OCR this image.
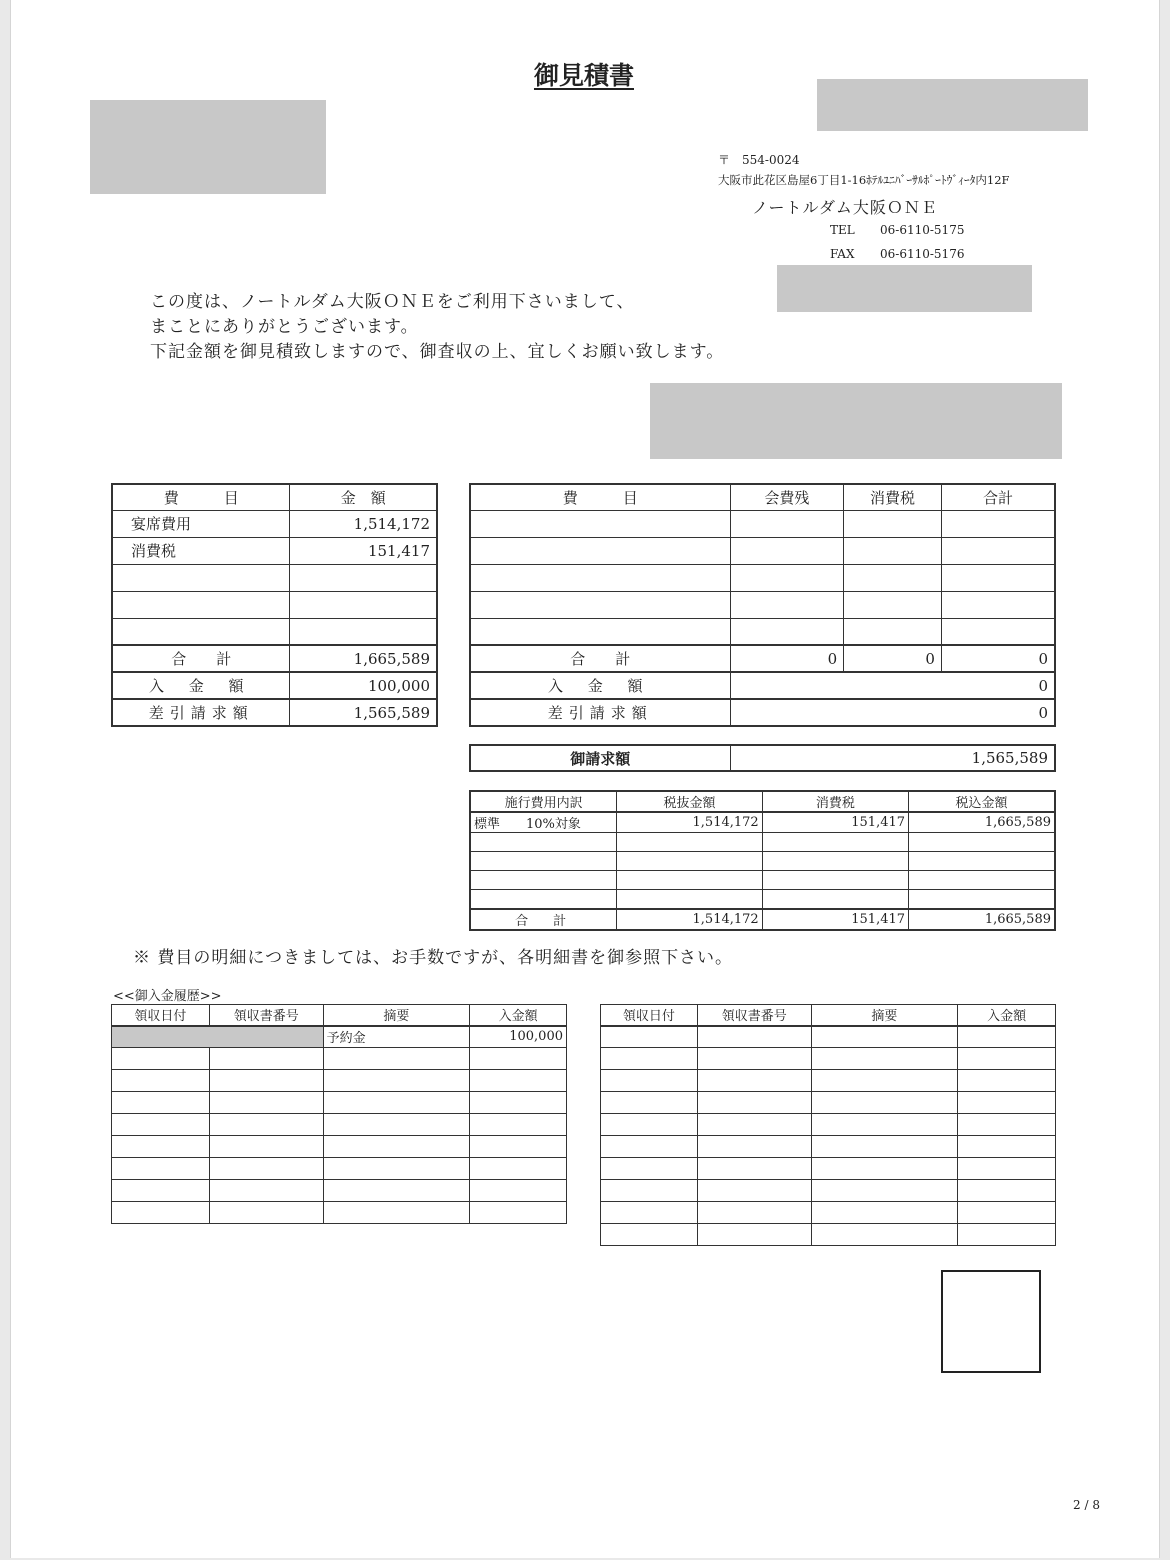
御見積書
〒　554-0024
大阪市此花区島屋6丁目1-16ﾎﾃﾙﾕﾆﾊﾞｰｻﾙﾎﾟｰﾄｳﾞｨｰﾀ内12F
ノートルダム大阪ＯＮＥ
TEL 06-6110-5175
FAX 06-6110-5176
この度は、ノートルダム大阪ＯＮＥをご利用下さいまして、
まことにありがとうございます。
下記金額を御見積致しますので、御査収の上、宜しくお願い致します。
費　　　目	金　額
宴席費用	1,514,172
消費税	151,417

合　　計	1,665,589
入 金 額	100,000
差引請求額	1,565,589
費　　　目	会費残	消費税	合計

合　　計	0	0	0
入 金 額	0		
差引請求額	0		
御請求額	1,565,589
施行費用内訳	税抜金額	消費税	税込金額
標準　　10%対象	1,514,172	151,417	1,665,589

合　計	1,514,172	151,417	1,665,589
※ 費目の明細につきましては、お手数ですが、各明細書を御参照下さい。
<<御入金履歴>>
領収日付	領収書番号	摘要	入金額
		予約金	100,000

領収日付	領収書番号	摘要	入金額

2 / 8
